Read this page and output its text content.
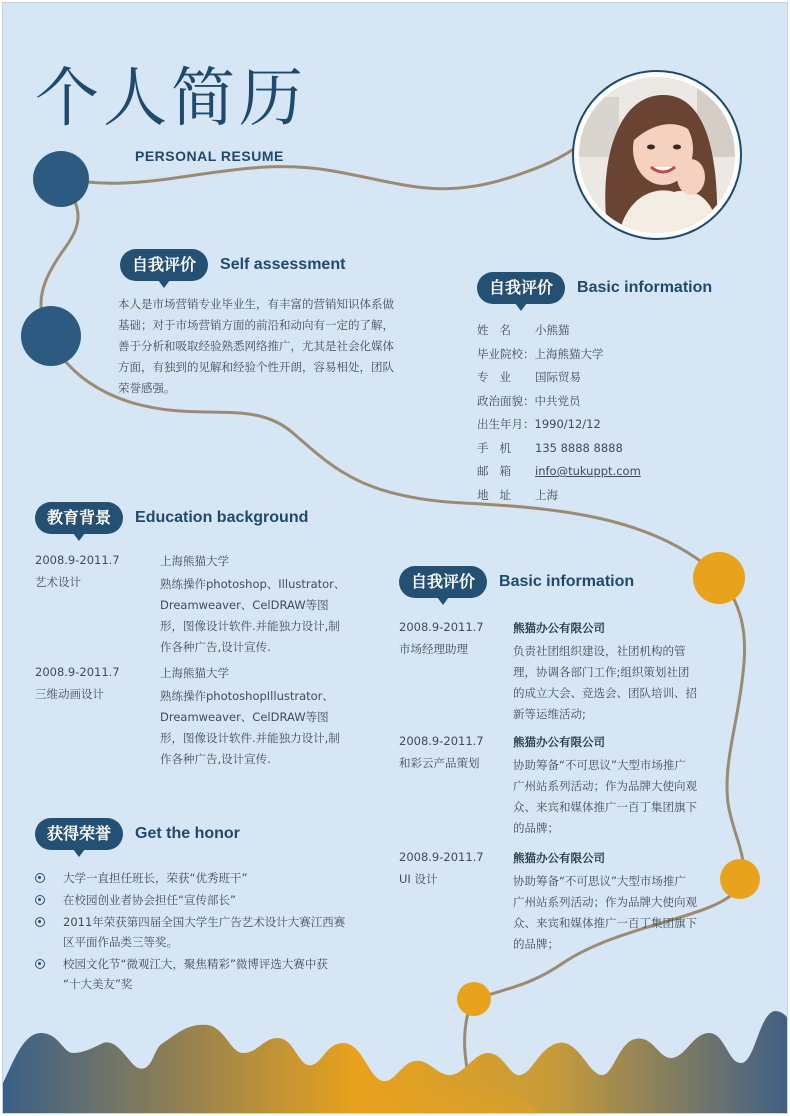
个人简历
PERSONAL RESUME
自我评价	Self assessment
本人是市场营销专业毕业生，有丰富的营销知识体系做
基础；对于市场营销方面的前沿和动向有一定的了解，
善于分析和吸取经验熟悉网络推广，尤其是社会化媒体
方面，有独到的见解和经验个性开朗，容易相处，团队
荣誉感强。
自我评价	Basic information
姓名 小熊猫
毕业院校：上海熊猫大学
专业 国际贸易
政治面貌：中共党员
出生年月：1990/12/12
手机 135 8888 8888
邮箱 info@tukuppt.com
地址 上海
教育背景	Education background
2008.9-2011.7
艺术设计
上海熊猫大学
熟练操作photoshop、Illustrator、
Dreamweaver、CelDRAW等图
形，图像设计软件.并能独力设计,制
作各种广告,设计宣传.
2008.9-2011.7
三维动画设计
上海熊猫大学
熟练操作photoshopIllustrator、
Dreamweaver、CelDRAW等图
形，图像设计软件.并能独力设计,制
作各种广告,设计宣传.
自我评价	Basic information
2008.9-2011.7
市场经理助理
熊猫办公有限公司
负责社团组织建设，社团机构的管
理，协调各部门工作;组织策划社团
的成立大会、竞选会、团队培训、招
新等运维活动;
2008.9-2011.7
和彩云产品策划
熊猫办公有限公司
协助筹备“不可思议”大型市场推广
广州站系列活动；作为品牌大使向观
众、来宾和媒体推广一百丁集团旗下
的品牌；
2008.9-2011.7
UI 设计
熊猫办公有限公司
协助筹备“不可思议”大型市场推广
广州站系列活动；作为品牌大使向观
众、来宾和媒体推广一百丁集团旗下
的品牌；
获得荣誉	Get the honor
大学一直担任班长，荣获“优秀班干”
在校园创业者协会担任“宣传部长”
2011年荣获第四届全国大学生广告艺术设计大赛江西赛
区平面作品类三等奖。
校园文化节“微观江大，聚焦精彩”微博评选大赛中获
“十大美友”奖
